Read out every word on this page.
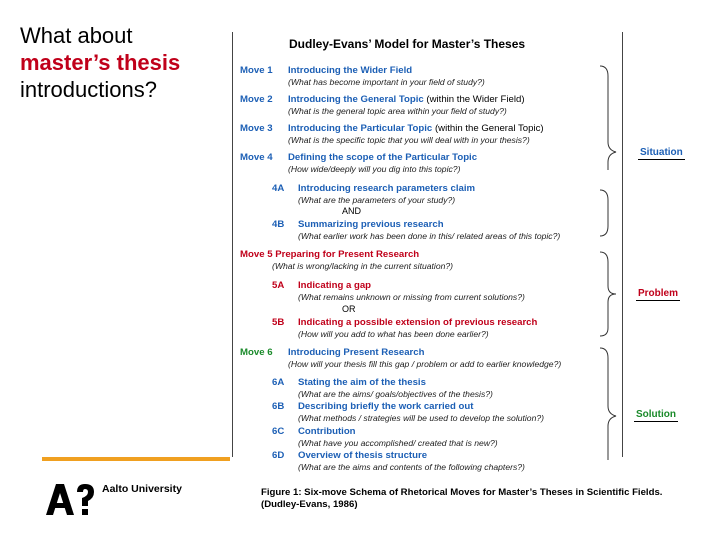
What about
master’s thesis
introductions?
Aalto University
Dudley-Evans’ Model for Master’s Theses
Move 1 Introducing the Wider Field
(What has become important in your field of study?)
Move 2 Introducing the General Topic (within the Wider Field)
(What is the general topic area within your field of study?)
Move 3 Introducing the Particular Topic (within the General Topic)
(What is the specific topic that you will deal with in your thesis?)
Move 4 Defining the scope of the Particular Topic
(How wide/deeply will you dig into this topic?)
4A Introducing research parameters claim
(What are the parameters of your study?)
AND
4B Summarizing previous research
(What earlier work has been done in this/ related areas of this topic?)
Move 5 Preparing for Present Research
(What is wrong/lacking in the current situation?)
5A Indicating a gap
(What remains unknown or missing from current solutions?)
OR
5B Indicating a possible extension of previous research
(How will you add to what has been done earlier?)
Move 6 Introducing Present Research
(How will your thesis fill this gap / problem or add to earlier knowledge?)
6A Stating the aim of the thesis
(What are the aims/ goals/objectives of the thesis?)
6B Describing briefly the work carried out
(What methods / strategies will be used to develop the solution?)
6C Contribution
(What have you accomplished/ created that is new?)
6D Overview of thesis structure
(What are the aims and contents of the following chapters?)
Situation
Problem
Solution
Figure 1: Six-move Schema of Rhetorical Moves for Master’s Theses in Scientific Fields.
(Dudley-Evans, 1986)
